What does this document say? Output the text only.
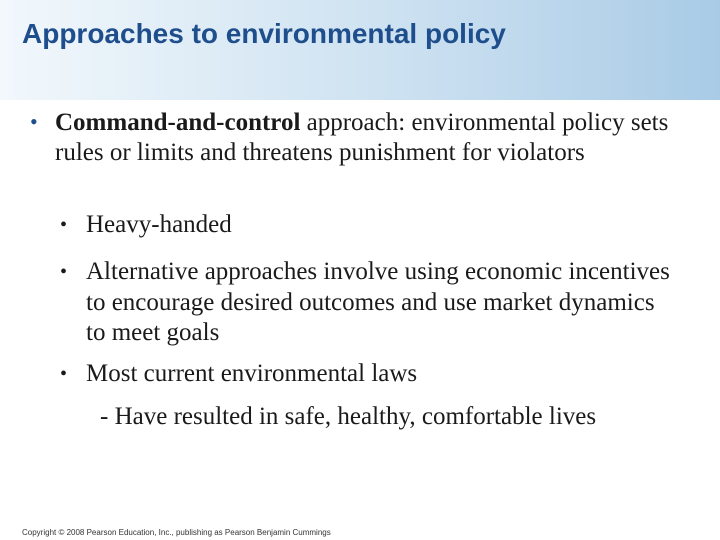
Approaches to environmental policy
• Command-and-control approach: environmental policy sets rules or limits and threatens punishment for violators
• Heavy-handed
• Alternative approaches involve using economic incentives to encourage desired outcomes and use market dynamics to meet goals
• Most current environmental laws
- Have resulted in safe, healthy, comfortable lives
Copyright © 2008 Pearson Education, Inc., publishing as Pearson Benjamin Cummings
